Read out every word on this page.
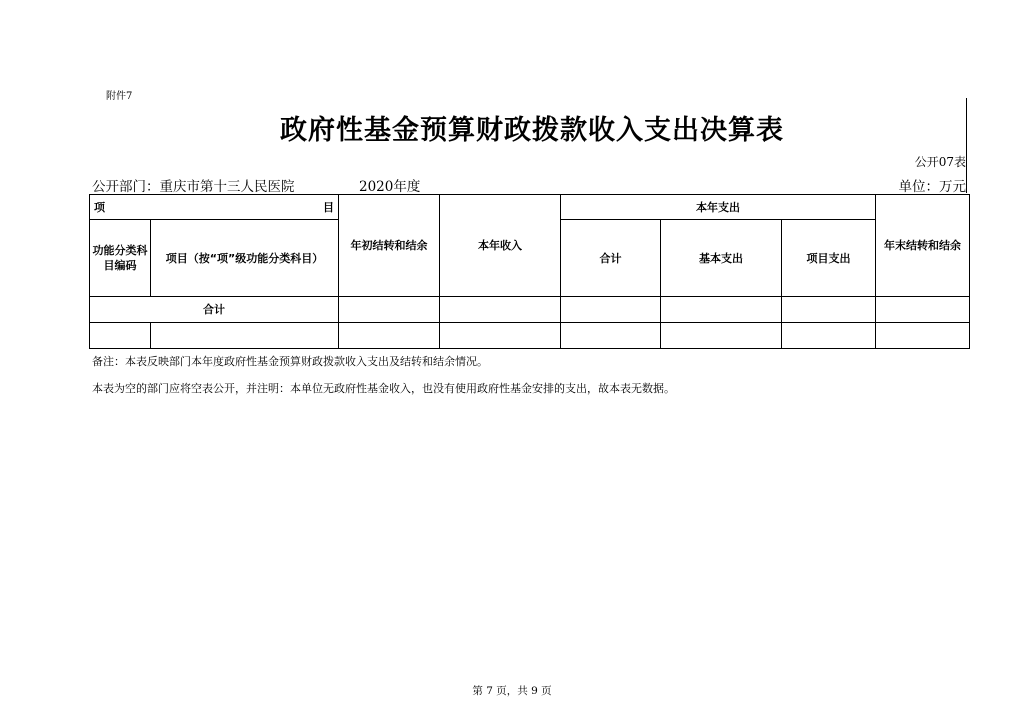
附件7
政府性基金预算财政拨款收入支出决算表
公开07表
公开部门：重庆市第十三人民医院	2020年度	单位：万元
项 目		年初结转和结余	本年收入	本年支出			年末结转和结余
功能分类科目编码	项目（按“项”级功能分类科目）			合计	基本支出	项目支出	
合计							

备注：本表反映部门本年度政府性基金预算财政拨款收入支出及结转和结余情况。
本表为空的部门应将空表公开，并注明：本单位无政府性基金收入，也没有使用政府性基金安排的支出，故本表无数据。
第 7 页，共 9 页
